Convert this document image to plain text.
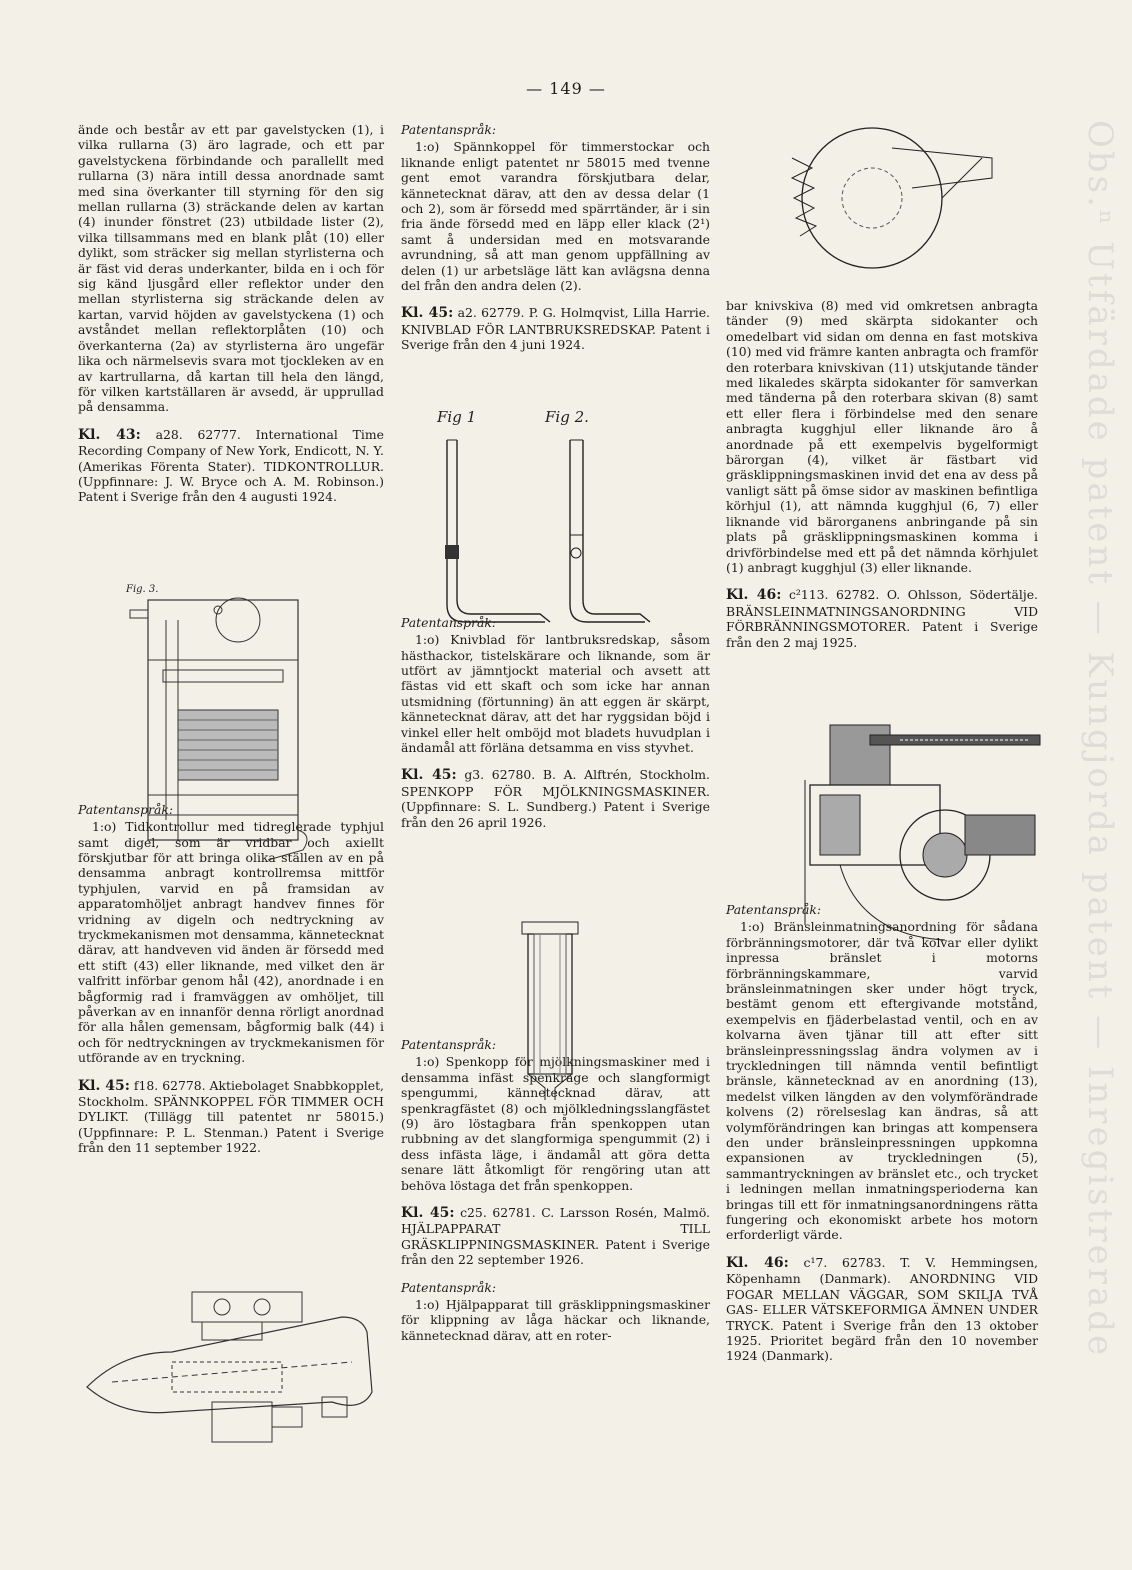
— 149 —
Obs.ⁿ Utfärdade patent — Kungjorda patent — Inregistrerade

ände och består av ett par gavelstycken (1), i vilka rullarna (3) äro lagrade, och ett par gavelstyckena förbindande och parallellt med rullarna (3) nära intill dessa anordnade samt med sina överkanter till styrning för den sig mellan rullarna (3) sträckande delen av kartan (4) inunder fönstret (23) utbildade lister (2), vilka tillsammans med en blank plåt (10) eller dylikt, som sträcker sig mellan styrlisterna och är fäst vid deras underkanter, bilda en i och för sig känd ljusgård eller reflektor under den mellan styrlisterna sig sträckande delen av kartan, varvid höjden av gavelstyckena (1) och avståndet mellan reflektorplåten (10) och överkanterna (2a) av styrlisterna äro ungefär lika och närmelsevis svara mot tjockleken av en av kartrullarna, då kartan till hela den längd, för vilken kartställaren är avsedd, är upprullad på densamma.

Kl. 43: a28. 62777. International Time Recording Company of New York, Endicott, N. Y. (Amerikas Förenta Stater). TIDKONTROLLUR. (Uppfinnare: J. W. Bryce och A. M. Robinson.) Patent i Sverige från den 4 augusti 1924.

Patentanspråk:

1:o) Tidkontrollur med tidreglerade typhjul samt digel, som är vridbar och axiellt förskjutbar för att bringa olika ställen av en på densamma anbragt kontrollremsa mittför typhjulen, varvid en på framsidan av apparatomhöljet anbragt handvev finnes för vridning av digeln och nedtryckning av tryckmekanismen mot densamma, kännetecknat därav, att handveven vid änden är försedd med ett stift (43) eller liknande, med vilket den är valfritt införbar genom hål (42), anordnade i en bågformig rad i framväggen av omhöljet, till påverkan av en innanför denna rörligt anordnad för alla hålen gemensam, bågformig balk (44) i och för nedtryckningen av tryckmekanismen för utförande av en tryckning.

Kl. 45: f18. 62778. Aktiebolaget Snabbkopplet, Stockholm. SPÄNNKOPPEL FÖR TIMMER OCH DYLIKT. (Tillägg till patentet nr 58015.) (Uppfinnare: P. L. Stenman.) Patent i Sverige från den 11 september 1922.

Fig. 3.

Patentanspråk:

1:o) Spännkoppel för timmerstockar och liknande enligt patentet nr 58015 med tvenne gent emot varandra förskjutbara delar, kännetecknat därav, att den av dessa delar (1 och 2), som är försedd med spärrtänder, är i sin fria ände försedd med en läpp eller klack (2¹) samt å undersidan med en motsvarande avrundning, så att man genom uppfällning av delen (1) ur arbetsläge lätt kan avlägsna denna del från den andra delen (2).

Kl. 45: a2. 62779. P. G. Holmqvist, Lilla Harrie. KNIVBLAD FÖR LANTBRUKSREDSKAP. Patent i Sverige från den 4 juni 1924.

Patentanspråk:

1:o) Knivblad för lantbruksredskap, såsom hästhackor, tistelskärare och liknande, som är utfört av jämntjockt material och avsett att fästas vid ett skaft och som icke har annan utsmidning (förtunning) än att eggen är skärpt, kännetecknat därav, att det har ryggsidan böjd i vinkel eller helt omböjd mot bladets huvudplan i ändamål att förläna detsamma en viss styvhet.

Kl. 45: g3. 62780. B. A. Alftrén, Stockholm. SPENKOPP FÖR MJÖLKNINGSMASKINER. (Uppfinnare: S. L. Sundberg.) Patent i Sverige från den 26 april 1926.

Patentanspråk:

1:o) Spenkopp för mjölkningsmaskiner med i densamma infäst spenkrage och slangformigt spengummi, kännetecknad därav, att spenkragfästet (8) och mjölkledningsslangfästet (9) äro löstagbara från spenkoppen utan rubbning av det slangformiga spengummit (2) i dess infästa läge, i ändamål att göra detta senare lätt åtkomligt för rengöring utan att behöva löstaga det från spenkoppen.

Kl. 45: c25. 62781. C. Larsson Rosén, Malmö. HJÄLPAPPARAT TILL GRÄSKLIPPNINGSMASKINER. Patent i Sverige från den 22 september 1926.

Patentanspråk:

1:o) Hjälpapparat till gräsklippningsmaskiner för klippning av låga häckar och liknande, kännetecknad därav, att en roter-

Fig 1	Fig 2.

bar knivskiva (8) med vid omkretsen anbragta tänder (9) med skärpta sidokanter och omedelbart vid sidan om denna en fast motskiva (10) med vid främre kanten anbragta och framför den roterbara knivskivan (11) utskjutande tänder med likaledes skärpta sidokanter för samverkan med tänderna på den roterbara skivan (8) samt ett eller flera i förbindelse med den senare anbragta kugghjul eller liknande äro å anordnade på ett exempelvis bygelformigt bärorgan (4), vilket är fästbart vid gräsklippningsmaskinen invid det ena av dess på vanligt sätt på ömse sidor av maskinen befintliga körhjul (1), att nämnda kugghjul (6, 7) eller liknande vid bärorganens anbringande på sin plats på gräsklippningsmaskinen komma i drivförbindelse med ett på det nämnda körhjulet (1) anbragt kugghjul (3) eller liknande.

Kl. 46: c²113. 62782. O. Ohlsson, Södertälje. BRÄNSLEINMATNINGSANORDNING VID FÖRBRÄNNINGSMOTORER. Patent i Sverige från den 2 maj 1925.

Patentanspråk:

1:o) Bränsleinmatningsanordning för sådana förbränningsmotorer, där två kolvar eller dylikt inpressa bränslet i motorns förbränningskammare, varvid bränsleinmatningen sker under högt tryck, bestämt genom ett eftergivande motstånd, exempelvis en fjäderbelastad ventil, och en av kolvarna även tjänar till att efter sitt bränsleinpressningsslag ändra volymen av i tryckledningen till nämnda ventil befintligt bränsle, kännetecknad av en anordning (13), medelst vilken längden av den volymförändrade kolvens (2) rörelseslag kan ändras, så att volymförändringen kan bringas att kompensera den under bränsleinpressningen uppkomna expansionen av tryckledningen (5), sammantryckningen av bränslet etc., och trycket i ledningen mellan inmatningsperioderna kan bringas till ett för inmatningsanordningens rätta fungering och ekonomiskt arbete hos motorn erforderligt värde.

Kl. 46: c¹7. 62783. T. V. Hemmingsen, Köpenhamn (Danmark). ANORDNING VID FOGAR MELLAN VÄGGAR, SOM SKILJA TVÅ GAS- ELLER VÄTSKEFORMIGA ÄMNEN UNDER TRYCK. Patent i Sverige från den 13 oktober 1925. Prioritet begärd från den 10 november 1924 (Danmark).
